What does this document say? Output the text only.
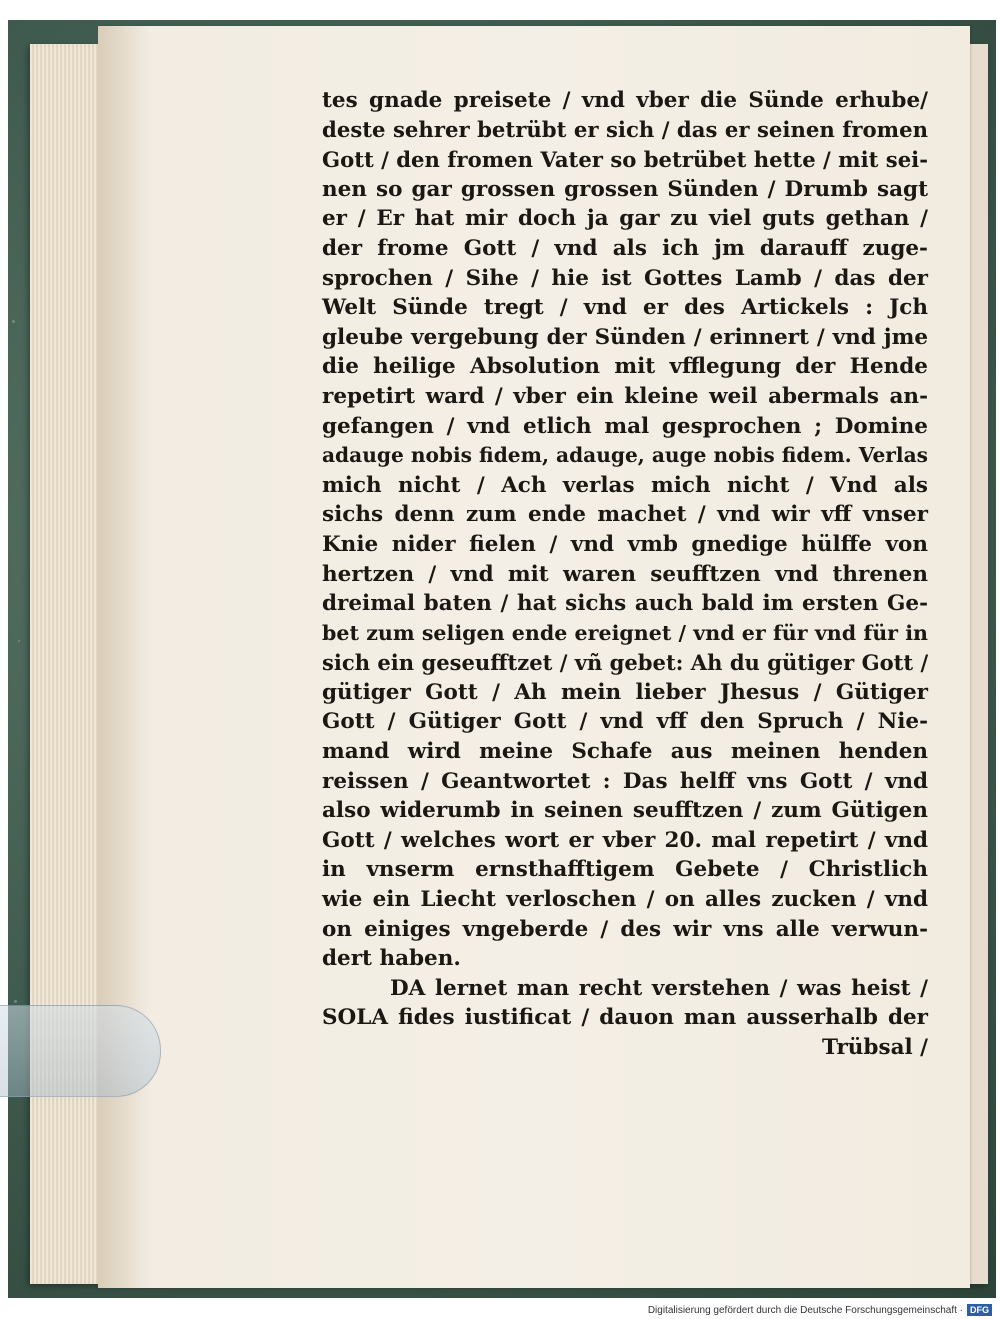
tes gnade preisete / vnd vber die Sünde erhube/
deste sehrer betrübt er sich / das er seinen fromen
Gott / den fromen Vater so betrübet hette / mit sei-
nen so gar grossen grossen Sünden / Drumb sagt
er / Er hat mir doch ja gar zu viel guts gethan /
der frome Gott / vnd als ich jm darauff zuge-
sprochen / Sihe / hie ist Gottes Lamb / das der
Welt Sünde tregt / vnd er des Artickels : Jch
gleube vergebung der Sünden / erinnert / vnd jme
die heilige Absolution mit vfflegung der Hende
repetirt ward / vber ein kleine weil abermals an-
gefangen / vnd etlich mal gesprochen ; Domine
adauge nobis fidem, adauge, auge nobis fidem. Verlas
mich nicht / Ach verlas mich nicht / Vnd als
sichs denn zum ende machet / vnd wir vff vnser
Knie nider fielen / vnd vmb gnedige hülffe von
hertzen / vnd mit waren seufftzen vnd threnen
dreimal baten / hat sichs auch bald im ersten Ge-
bet zum seligen ende ereignet / vnd er für vnd für in
sich ein geseufftzet / vñ gebet: Ah du gütiger Gott /
gütiger Gott / Ah mein lieber Jhesus / Gütiger
Gott / Gütiger Gott / vnd vff den Spruch / Nie-
mand wird meine Schafe aus meinen henden
reissen / Geantwortet : Das helff vns Gott / vnd
also widerumb in seinen seufftzen / zum Gütigen
Gott / welches wort er vber 20. mal repetirt / vnd
in vnserm ernsthafftigem Gebete / Christlich
wie ein Liecht verloschen / on alles zucken / vnd
on einiges vngeberde / des wir vns alle verwun-
dert haben.
DA lernet man recht verstehen / was heist /
SOLA fides iustificat / dauon man ausserhalb der
Trübsal /
Digitalisierung gefördert durch die Deutsche Forschungsgemeinschaft · DFG
